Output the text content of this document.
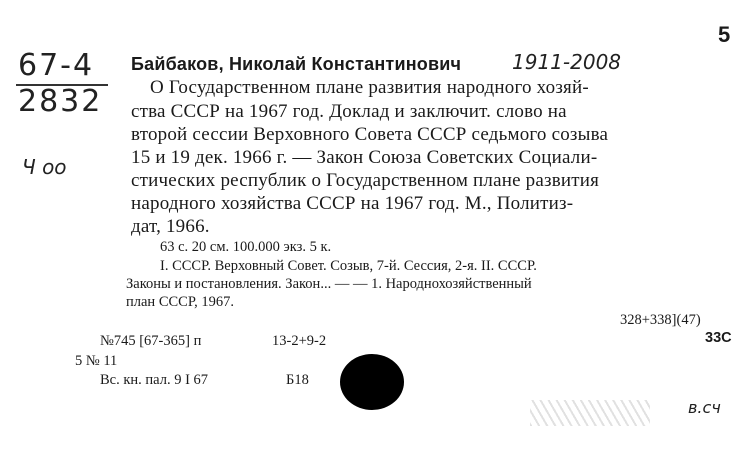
5
67-4
2832
Ч оо
Байбаков, Николай Константинович	1911-2008
О Государственном плане развития народного хозяй-
ства СССР на 1967 год. Доклад и заключит. слово на
второй сессии Верховного Совета СССР седьмого созыва
15 и 19 дек. 1966 г. — Закон Союза Советских Социали-
стических республик о Государственном плане развития
народного хозяйства СССР на 1967 год. М., Политиз-
дат, 1966.
63 с. 20 см. 100.000 экз. 5 к.
I. СССР. Верховный Совет. Созыв, 7-й. Сессия, 2-я. II. СССР.
Законы и постановления. Закон... — — 1. Народнохозяйственный
план СССР, 1967.
328+338](47)
33С
№745 [67-365] п	13-2+9-2
5 № 11
Вс. кн. пал. 9 I 67	Б18
в.сч
